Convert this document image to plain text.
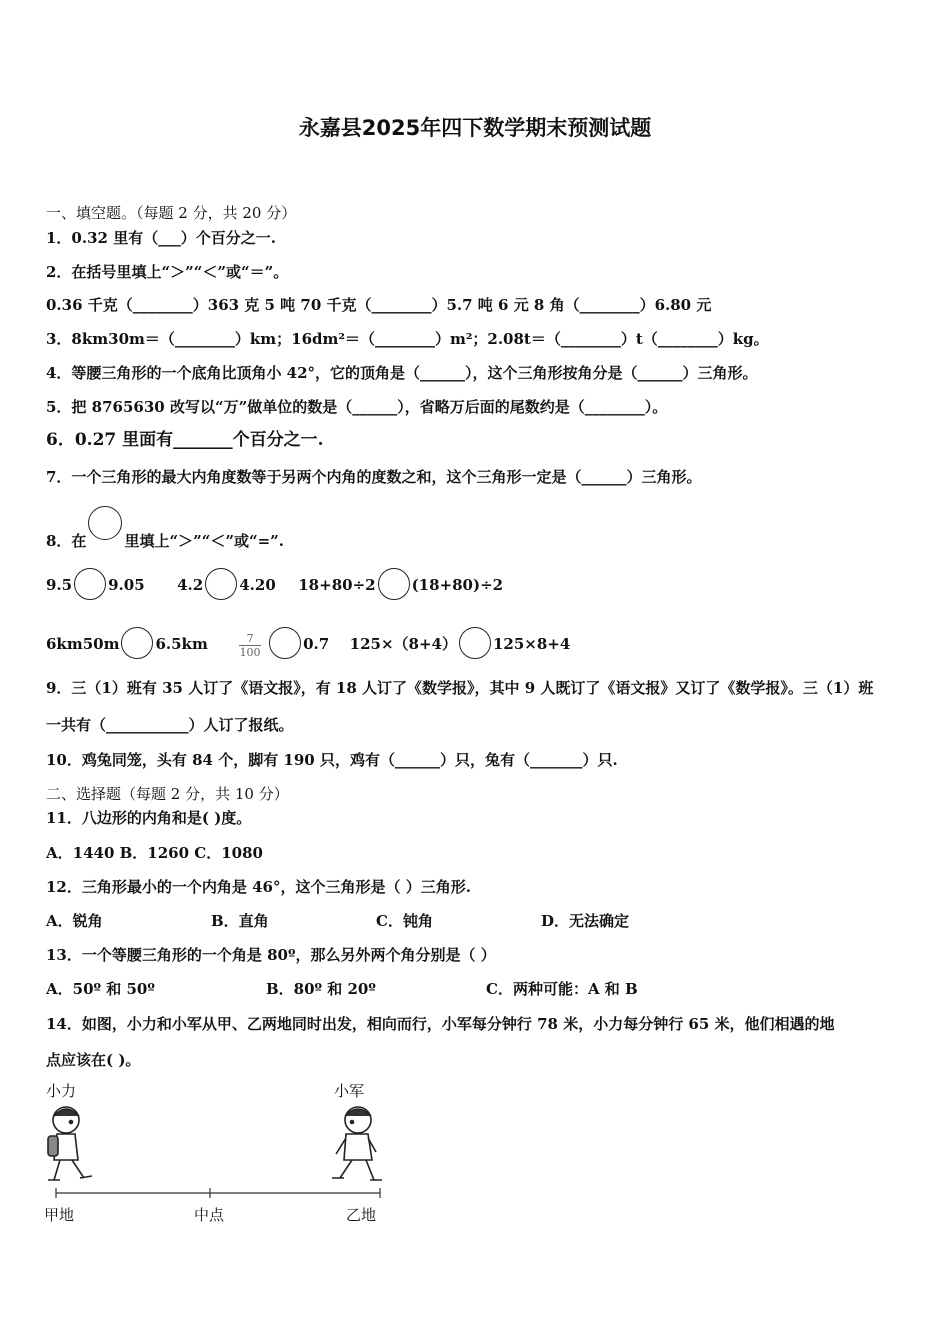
永嘉县2025年四下数学期末预测试题
一、填空题。（每题 2 分，共 20 分）
1．0.32 里有（___）个百分之一.
2．在括号里填上“＞”“＜”或“＝”。
0.36 千克（________）363 克 5 吨 70 千克（________）5.7 吨 6 元 8 角（________）6.80 元
3．8km30m＝（________）km；16dm²＝（________）m²；2.08t＝（________）t（________）kg。
4．等腰三角形的一个底角比顶角小 42°，它的顶角是（______），这个三角形按角分是（______）三角形。
5．把 8765630 改写以“万”做单位的数是（______），省略万后面的尾数约是（________）。
6．0.27 里面有_______个百分之一.
7．一个三角形的最大内角度数等于另两个内角的度数之和，这个三角形一定是（______）三角形。
8．在	里填上“＞”“＜”或“=”.
9.5 9.05 4.2 4.20 18+80÷2 (18+80)÷2
6km50m 6.5km	$\frac{7}{100}$	0.7 125×（8+4） 125×8+4
9．三（1）班有 35 人订了《语文报》，有 18 人订了《数学报》，其中 9 人既订了《语文报》又订了《数学报》。三（1）班
一共有（___________）人订了报纸。
10．鸡兔同笼，头有 84 个，脚有 190 只，鸡有（______）只，兔有（_______）只.
二、选择题（每题 2 分，共 10 分）
11．八边形的内角和是( )度。
A．1440 B．1260 C．1080
12．三角形最小的一个内角是 46°，这个三角形是（ ）三角形.
A．锐角	B．直角	C．钝角	D．无法确定
13．一个等腰三角形的一个角是 80º，那么另外两个角分别是（ ）
A．50º 和 50º	B．80º 和 20º	C．两种可能：A 和 B
14．如图，小力和小军从甲、乙两地同时出发，相向而行，小军每分钟行 78 米，小力每分钟行 65 米，他们相遇的地
点应该在( )。
小力	小军
甲地	中点	乙地
